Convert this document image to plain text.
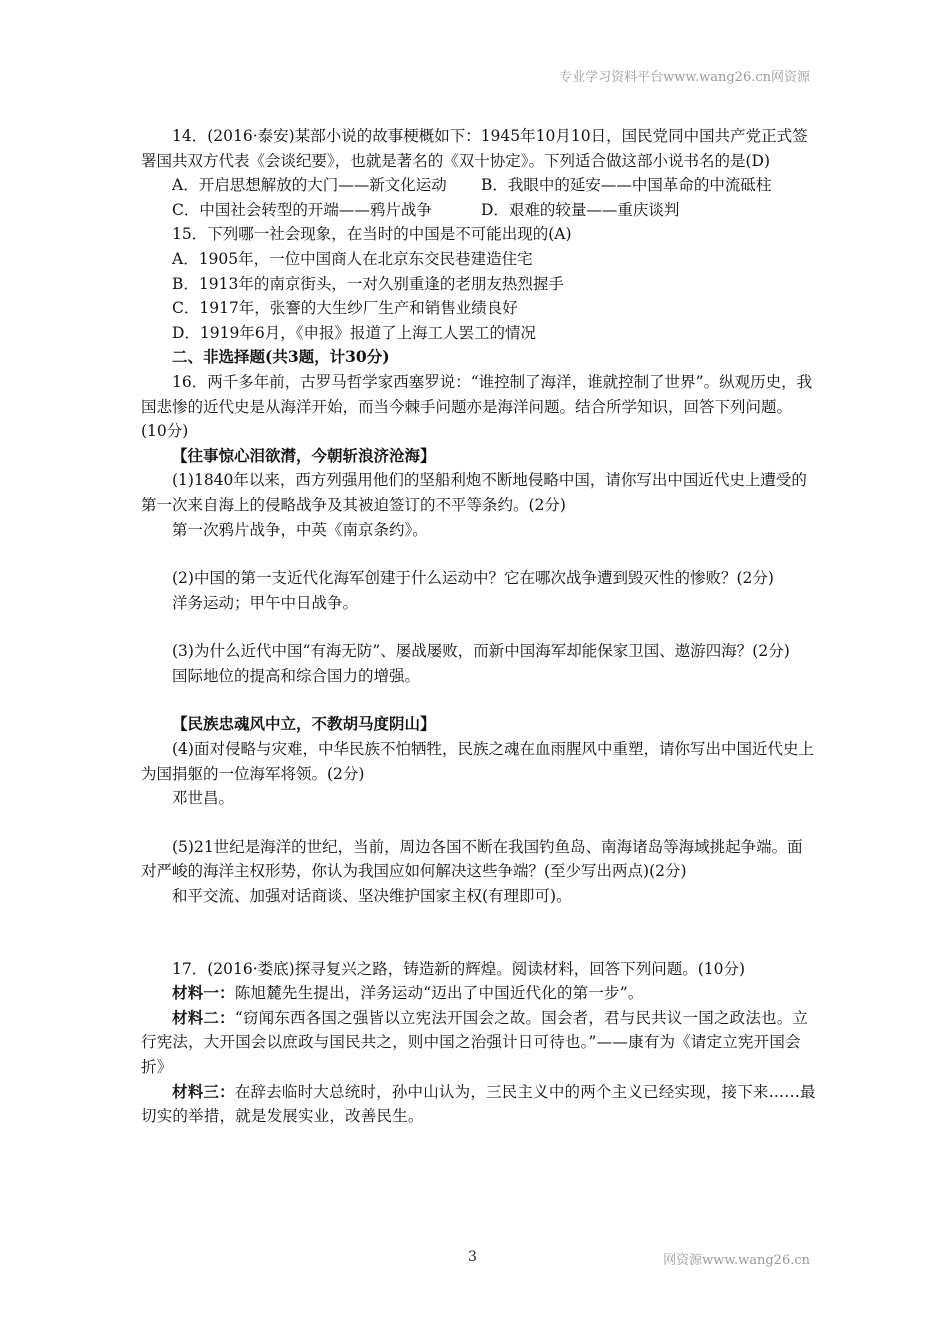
专业学习资料平台www.wang26.cn网资源

14．(2016·泰安)某部小说的故事梗概如下：1945年10月10日，国民党同中国共产党正式签署国共双方代表《会谈纪要》，也就是著名的《双十协定》。下列适合做这部小说书名的是(D)

A．开启思想解放的大门——新文化运动	B．我眼中的延安——中国革命的中流砥柱
C．中国社会转型的开端——鸦片战争	D．艰难的较量——重庆谈判

15．下列哪一社会现象，在当时的中国是不可能出现的(A)

A．1905年，一位中国商人在北京东交民巷建造住宅

B．1913年的南京街头，一对久别重逢的老朋友热烈握手

C．1917年，张謇的大生纱厂生产和销售业绩良好

D．1919年6月，《申报》报道了上海工人罢工的情况

二、非选择题(共3题，计30分)

16．两千多年前，古罗马哲学家西塞罗说：“谁控制了海洋，谁就控制了世界”。纵观历史，我国悲惨的近代史是从海洋开始，而当今棘手问题亦是海洋问题。结合所学知识，回答下列问题。(10分)

【往事惊心泪欲潸，今朝斩浪济沧海】

(1)1840年以来，西方列强用他们的坚船利炮不断地侵略中国，请你写出中国近代史上遭受的第一次来自海上的侵略战争及其被迫签订的不平等条约。(2分)

第一次鸦片战争，中英《南京条约》。

(2)中国的第一支近代化海军创建于什么运动中？它在哪次战争遭到毁灭性的惨败？(2分)

洋务运动；甲午中日战争。

(3)为什么近代中国“有海无防”、屡战屡败，而新中国海军却能保家卫国、遨游四海？(2分)

国际地位的提高和综合国力的增强。

【民族忠魂风中立，不教胡马度阴山】

(4)面对侵略与灾难，中华民族不怕牺牲，民族之魂在血雨腥风中重塑，请你写出中国近代史上为国捐躯的一位海军将领。(2分)

邓世昌。

(5)21世纪是海洋的世纪，当前，周边各国不断在我国钓鱼岛、南海诸岛等海域挑起争端。面对严峻的海洋主权形势，你认为我国应如何解决这些争端？(至少写出两点)(2分)

和平交流、加强对话商谈、坚决维护国家主权(有理即可)。

17．(2016·娄底)探寻复兴之路，铸造新的辉煌。阅读材料，回答下列问题。(10分)

材料一：陈旭麓先生提出，洋务运动“迈出了中国近代化的第一步”。

材料二：“窃闻东西各国之强皆以立宪法开国会之故。国会者，君与民共议一国之政法也。立行宪法，大开国会以庶政与国民共之，则中国之治强计日可待也。”——康有为《请定立宪开国会折》

材料三：在辞去临时大总统时，孙中山认为，三民主义中的两个主义已经实现，接下来……最切实的举措，就是发展实业，改善民生。

3	网资源www.wang26.cn
